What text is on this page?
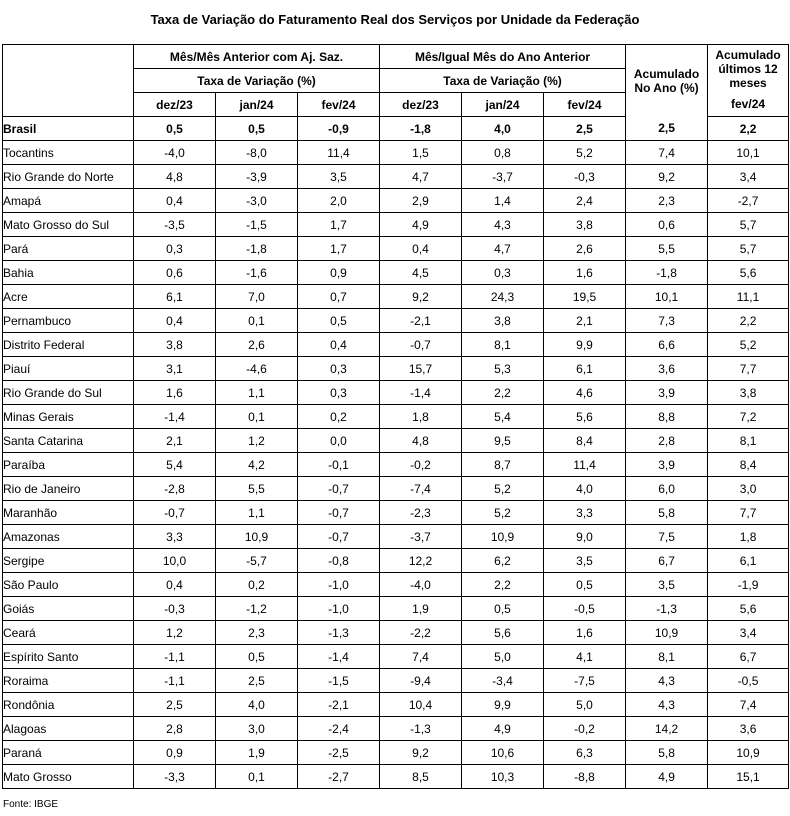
Taxa de Variação do Faturamento Real dos Serviços por Unidade da Federação
	Mês/Mês Anterior com Aj. Saz.			Mês/Igual Mês do Ano Anterior			Acumulado No Ano (%)	Acumulado últimos 12 meses
	Taxa de Variação (%)			Taxa de Variação (%)				
	dez/23	jan/24	fev/24	dez/23	jan/24	fev/24		fev/24
Brasil	0,5	0,5	-0,9	-1,8	4,0	2,5	2,5	2,2
Tocantins	-4,0	-8,0	11,4	1,5	0,8	5,2	7,4	10,1
Rio Grande do Norte	4,8	-3,9	3,5	4,7	-3,7	-0,3	9,2	3,4
Amapá	0,4	-3,0	2,0	2,9	1,4	2,4	2,3	-2,7
Mato Grosso do Sul	-3,5	-1,5	1,7	4,9	4,3	3,8	0,6	5,7
Pará	0,3	-1,8	1,7	0,4	4,7	2,6	5,5	5,7
Bahia	0,6	-1,6	0,9	4,5	0,3	1,6	-1,8	5,6
Acre	6,1	7,0	0,7	9,2	24,3	19,5	10,1	11,1
Pernambuco	0,4	0,1	0,5	-2,1	3,8	2,1	7,3	2,2
Distrito Federal	3,8	2,6	0,4	-0,7	8,1	9,9	6,6	5,2
Piauí	3,1	-4,6	0,3	15,7	5,3	6,1	3,6	7,7
Rio Grande do Sul	1,6	1,1	0,3	-1,4	2,2	4,6	3,9	3,8
Minas Gerais	-1,4	0,1	0,2	1,8	5,4	5,6	8,8	7,2
Santa Catarina	2,1	1,2	0,0	4,8	9,5	8,4	2,8	8,1
Paraíba	5,4	4,2	-0,1	-0,2	8,7	11,4	3,9	8,4
Rio de Janeiro	-2,8	5,5	-0,7	-7,4	5,2	4,0	6,0	3,0
Maranhão	-0,7	1,1	-0,7	-2,3	5,2	3,3	5,8	7,7
Amazonas	3,3	10,9	-0,7	-3,7	10,9	9,0	7,5	1,8
Sergipe	10,0	-5,7	-0,8	12,2	6,2	3,5	6,7	6,1
São Paulo	0,4	0,2	-1,0	-4,0	2,2	0,5	3,5	-1,9
Goiás	-0,3	-1,2	-1,0	1,9	0,5	-0,5	-1,3	5,6
Ceará	1,2	2,3	-1,3	-2,2	5,6	1,6	10,9	3,4
Espírito Santo	-1,1	0,5	-1,4	7,4	5,0	4,1	8,1	6,7
Roraima	-1,1	2,5	-1,5	-9,4	-3,4	-7,5	4,3	-0,5
Rondônia	2,5	4,0	-2,1	10,4	9,9	5,0	4,3	7,4
Alagoas	2,8	3,0	-2,4	-1,3	4,9	-0,2	14,2	3,6
Paraná	0,9	1,9	-2,5	9,2	10,6	6,3	5,8	10,9
Mato Grosso	-3,3	0,1	-2,7	8,5	10,3	-8,8	4,9	15,1
Fonte: IBGE
